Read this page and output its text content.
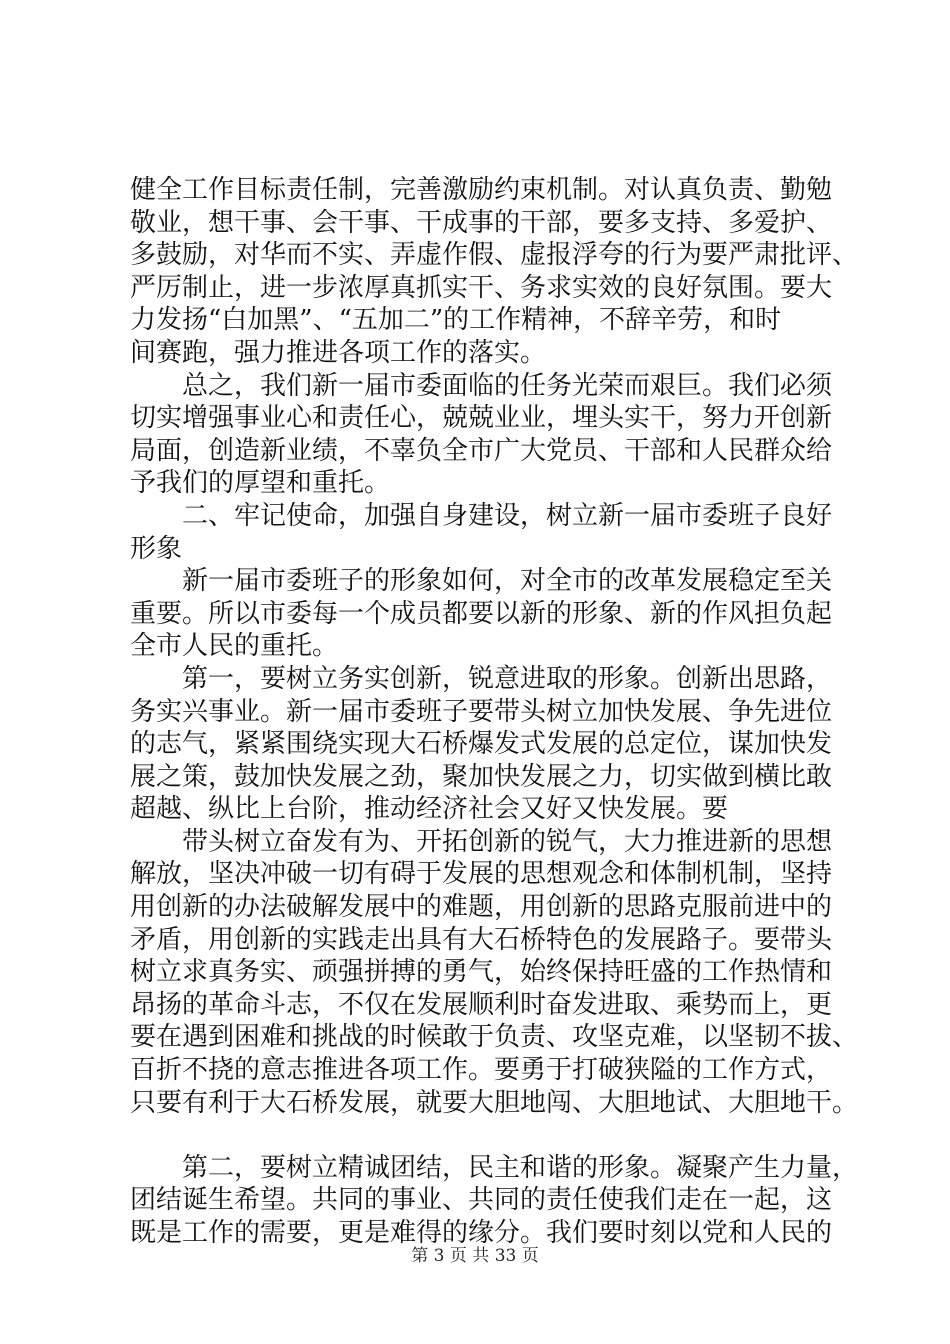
健全工作目标责任制，完善激励约束机制。对认真负责、勤勉
敬业，想干事、会干事、干成事的干部，要多支持、多爱护、
多鼓励，对华而不实、弄虚作假、虚报浮夸的行为要严肃批评、
严厉制止，进一步浓厚真抓实干、务求实效的良好氛围。要大
力发扬“白加黑”、“五加二”的工作精神，不辞辛劳，和时
间赛跑，强力推进各项工作的落实。
总之，我们新一届市委面临的任务光荣而艰巨。我们必须
切实增强事业心和责任心，兢兢业业，埋头实干，努力开创新
局面，创造新业绩，不辜负全市广大党员、干部和人民群众给
予我们的厚望和重托。
二、牢记使命，加强自身建设，树立新一届市委班子良好
形象
新一届市委班子的形象如何，对全市的改革发展稳定至关
重要。所以市委每一个成员都要以新的形象、新的作风担负起
全市人民的重托。
第一，要树立务实创新，锐意进取的形象。创新出思路，
务实兴事业。新一届市委班子要带头树立加快发展、争先进位
的志气，紧紧围绕实现大石桥爆发式发展的总定位，谋加快发
展之策，鼓加快发展之劲，聚加快发展之力，切实做到横比敢
超越、纵比上台阶，推动经济社会又好又快发展。要
带头树立奋发有为、开拓创新的锐气，大力推进新的思想
解放，坚决冲破一切有碍于发展的思想观念和体制机制，坚持
用创新的办法破解发展中的难题，用创新的思路克服前进中的
矛盾，用创新的实践走出具有大石桥特色的发展路子。要带头
树立求真务实、顽强拼搏的勇气，始终保持旺盛的工作热情和
昂扬的革命斗志，不仅在发展顺利时奋发进取、乘势而上，更
要在遇到困难和挑战的时候敢于负责、攻坚克难，以坚韧不拔、
百折不挠的意志推进各项工作。要勇于打破狭隘的工作方式，
只要有利于大石桥发展，就要大胆地闯、大胆地试、大胆地干。
第二，要树立精诚团结，民主和谐的形象。凝聚产生力量，
团结诞生希望。共同的事业、共同的责任使我们走在一起，这
既是工作的需要，更是难得的缘分。我们要时刻以党和人民的
第 3 页 共 33 页
